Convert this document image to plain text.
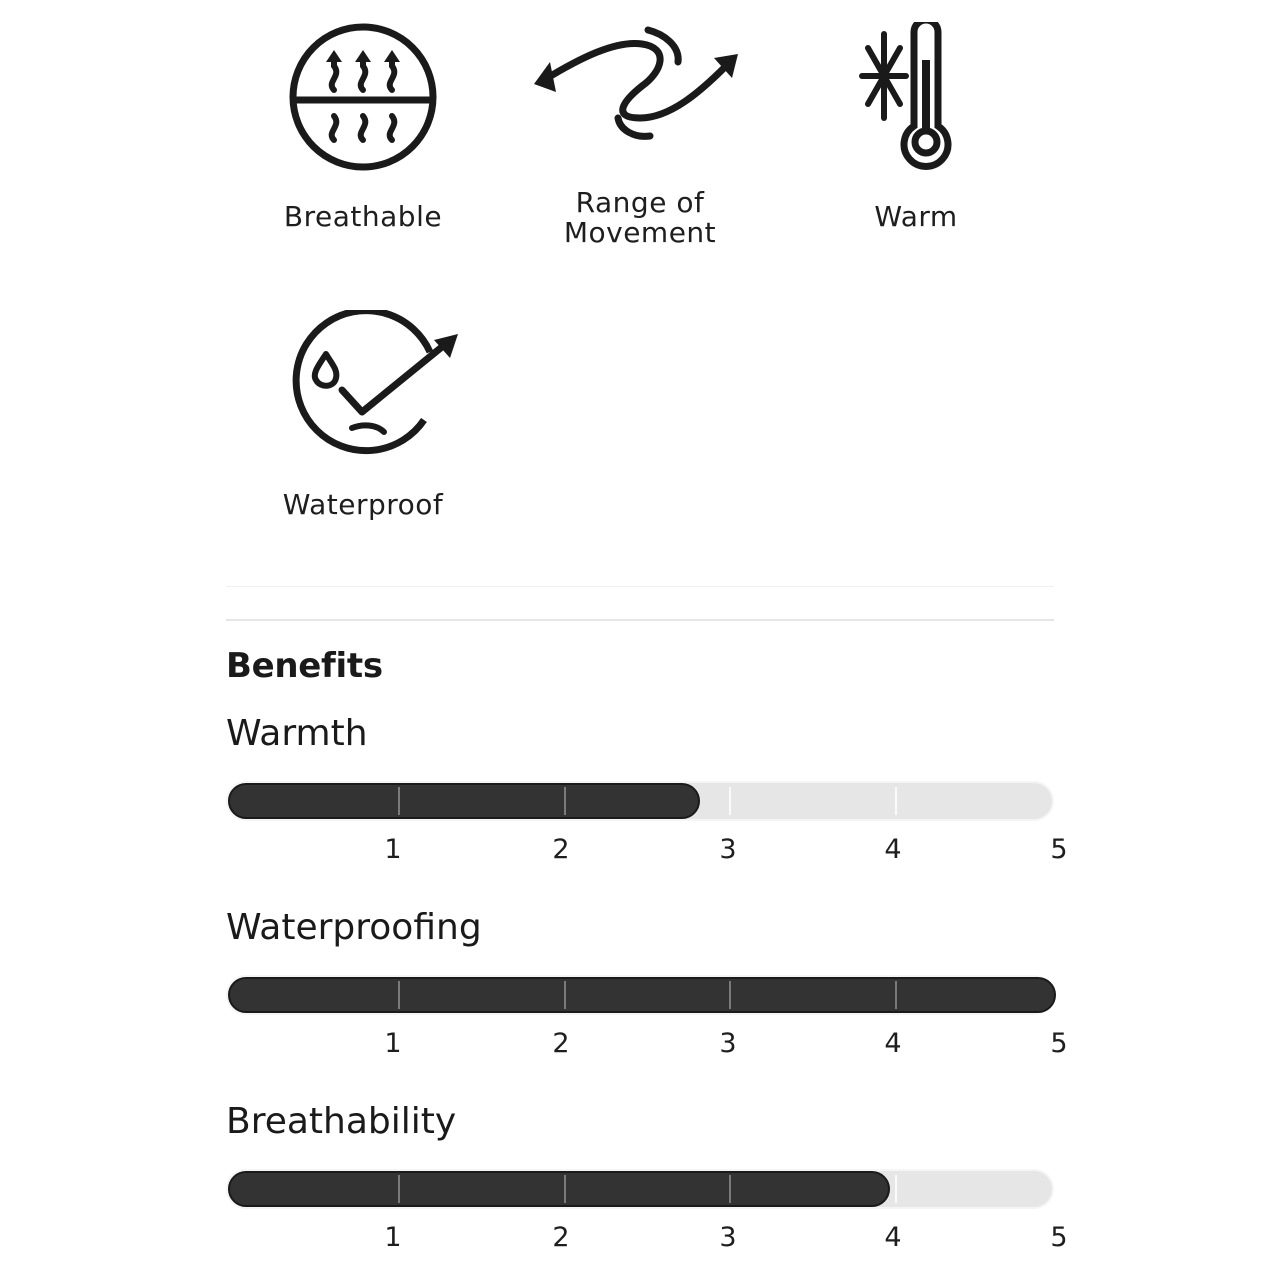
Breathable	Range of
Movement	Warm
Waterproof
Benefits
Warmth
Waterproofing
Breathability
1	2	3	4	5
1	2	3	4	5
1	2	3	4	5
